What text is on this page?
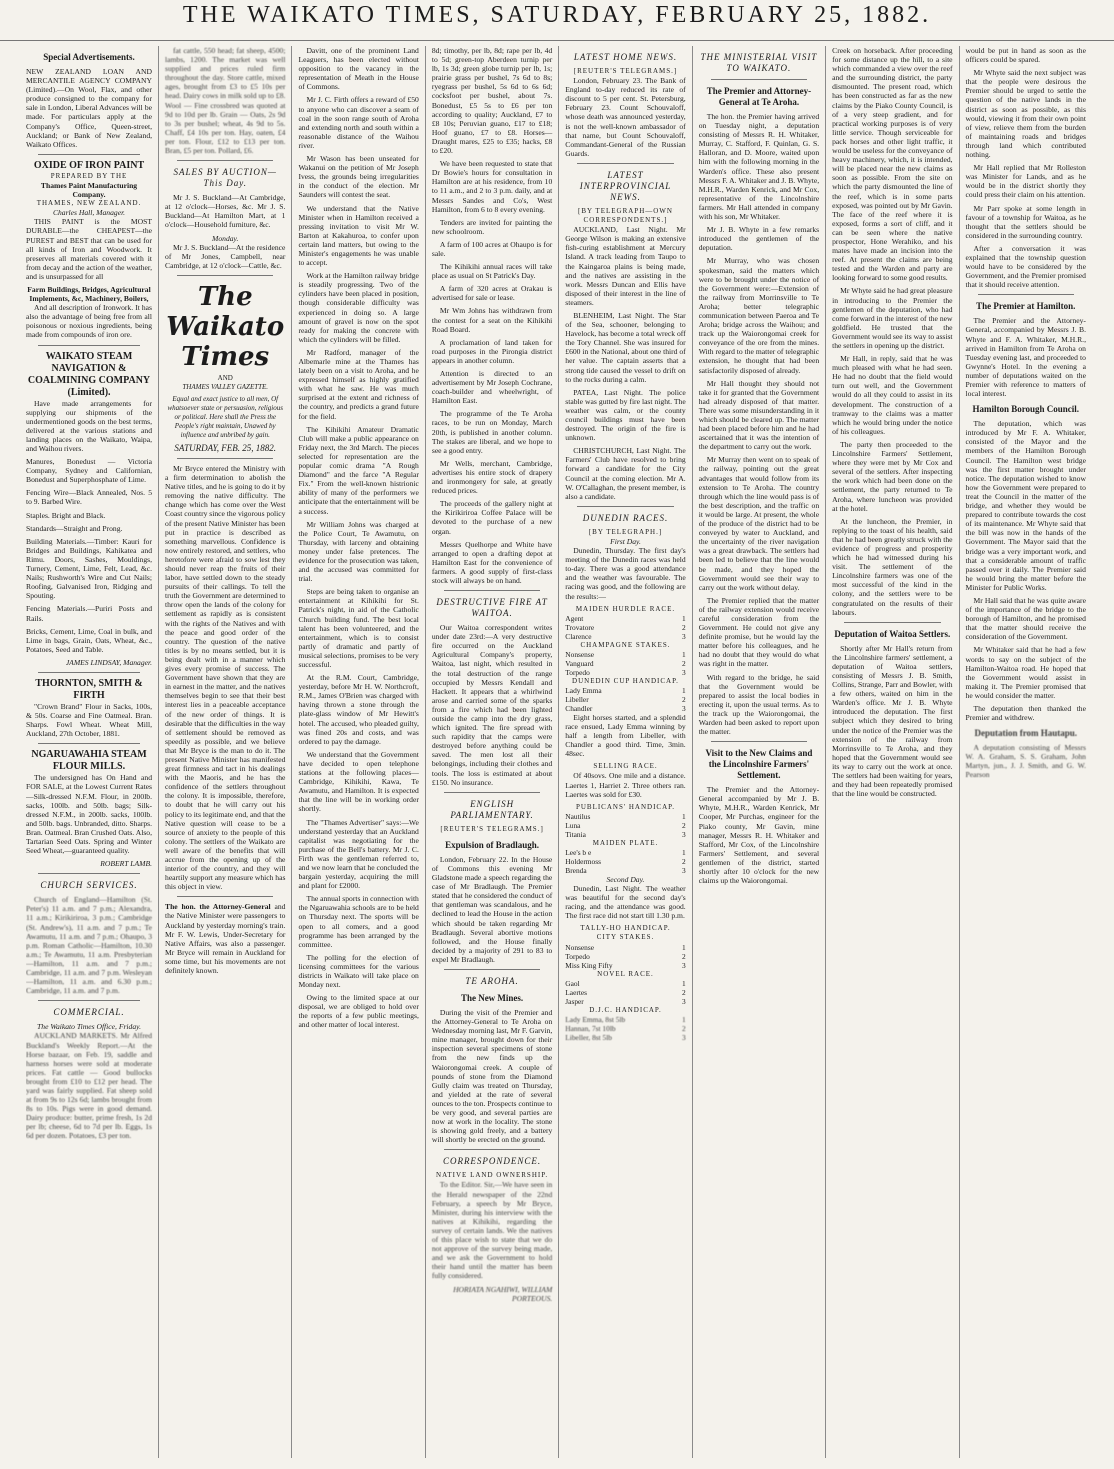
THE WAIKATO TIMES, SATURDAY, FEBRUARY 25, 1882.
Special Advertisements.

NEW ZEALAND LOAN AND MERCANTILE AGENCY COMPANY (Limited).—On Wool, Flax, and other produce consigned to the company for sale in London, Liberal Advances will be made. For particulars apply at the Company's Office, Queen-street, Auckland; or Bank of New Zealand, Waikato Offices.

OXIDE OF IRON PAINT
PREPARED BY THE
Thames Paint Manufacturing Company.
THAMES, NEW ZEALAND.
Charles Hall, Manager.

THIS PAINT is the MOST DURABLE—the CHEAPEST—the PUREST and BEST that can be used for all kinds of Iron and Woodwork. It preserves all materials covered with it from decay and the action of the weather, and is unsurpassed for all

Farm Buildings, Bridges, Agricultural Implements, &c, Machinery, Boilers,

And all description of Ironwork. It has also the advantage of being free from all poisonous or noxious ingredients, being made from compounds of iron ore.

WAIKATO STEAM NAVIGATION & COALMINING COMPANY (Limited).

Have made arrangements for supplying our shipments of the undermentioned goods on the best terms, delivered at the various stations and landing places on the Waikato, Waipa, and Waihou rivers.

Manures, Bonedust — Victoria Company, Sydney and Californian, Bonedust and Superphosphate of Lime.

Fencing Wire—Black Annealed, Nos. 5 to 9. Barbed Wire.

Staples. Bright and Black.

Standards—Straight and Prong.

Building Materials.—Timber: Kauri for Bridges and Buildings, Kahikatea and Rimu. Doors, Sashes, Mouldings, Turnery, Cement, Lime, Felt, Lead, &c. Nails; Rushworth's Wire and Cut Nails; Roofing, Galvanised Iron, Ridging and Spouting.

Fencing Materials.—Puriri Posts and Rails.

Bricks, Cement, Lime, Coal in bulk, and Lime in bags, Grain, Oats, Wheat, &c., Potatoes, Seed and Table.

JAMES LINDSAY, Manager.
THORNTON, SMITH & FIRTH

"Crown Brand" Flour in Sacks, 100s, & 50s. Coarse and Fine Oatmeal. Bran. Sharps. Fowl Wheat. Wheat Mill, Auckland, 27th October, 1881.

NGARUAWAHIA STEAM FLOUR MILLS.

The undersigned has On Hand and FOR SALE, at the Lowest Current Rates—Silk-dressed N.F.M. Flour, in 200lb. sacks, 100lb. and 50lb. bags; Silk-dressed N.F.M., in 200lb. sacks, 100lb. and 50lb. bags. Unbranded, ditto. Sharps. Bran. Oatmeal. Bran Crushed Oats. Also, Tartarian Seed Oats. Spring and Winter Seed Wheat,—guaranteed quality.

ROBERT LAMB.
CHURCH SERVICES.

Church of England—Hamilton (St. Peter's) 11 a.m. and 7 p.m.; Alexandra, 11 a.m.; Kirikiriroa, 3 p.m.; Cambridge (St. Andrew's), 11 a.m. and 7 p.m.; Te Awamutu, 11 a.m. and 7 p.m.; Ohaupo, 3 p.m. Roman Catholic—Hamilton, 10.30 a.m.; Te Awamutu, 11 a.m. Presbyterian—Hamilton, 11 a.m. and 7 p.m.; Cambridge, 11 a.m. and 7 p.m. Wesleyan—Hamilton, 11 a.m. and 6.30 p.m.; Cambridge, 11 a.m. and 7 p.m.

COMMERCIAL.
The Waikato Times Office, Friday.

AUCKLAND MARKETS. Mr Alfred Buckland's Weekly Report.—At the Horse bazaar, on Feb. 19, saddle and harness horses were sold at moderate prices. Fat cattle — Good bullocks brought from £10 to £12 per head. The yard was fairly supplied. Fat sheep sold at from 9s to 12s 6d; lambs brought from 8s to 10s. Pigs were in good demand. Dairy produce: butter, prime fresh, 1s 2d per lb; cheese, 6d to 7d per lb. Eggs, 1s 6d per dozen. Potatoes, £3 per ton.

fat cattle, 550 head; fat sheep, 4500; lambs, 1200. The market was well supplied and prices ruled firm throughout the day. Store cattle, mixed ages, brought from £3 to £5 10s per head. Dairy cows in milk sold up to £8. Wool — Fine crossbred was quoted at 9d to 10d per lb. Grain — Oats, 2s 9d to 3s per bushel; wheat, 4s 9d to 5s. Chaff, £4 10s per ton. Hay, oaten, £4 per ton. Flour, £12 to £13 per ton. Bran, £5 per ton. Pollard, £6.

SALES BY AUCTION—This Day.

Mr J. S. Buckland—At Cambridge, at 12 o'clock—Horses, &c. Mr J. S. Buckland—At Hamilton Mart, at 1 o'clock—Household furniture, &c.

Monday.

Mr J. S. Buckland—At the residence of Mr Jones, Campbell, near Cambridge, at 12 o'clock—Cattle, &c.

The Waikato Times
AND
THAMES VALLEY GAZETTE.
Equal and exact justice to all men, Of whatsoever state or persuasion, religious or political. Here shall the Press the People's right maintain, Unawed by influence and unbribed by gain.
SATURDAY, FEB. 25, 1882.

Mr Bryce entered the Ministry with a firm determination to abolish the Native titles, and he is going to do it by removing the native difficulty. The change which has come over the West Coast country since the vigorous policy of the present Native Minister has been put in practice is described as something marvellous. Confidence is now entirely restored, and settlers, who heretofore were afraid to sow lest they should never reap the fruits of their labor, have settled down to the steady pursuits of their callings. To tell the truth the Government are determined to throw open the lands of the colony for settlement as rapidly as is consistent with the rights of the Natives and with the peace and good order of the country. The question of the native titles is by no means settled, but it is being dealt with in a manner which gives every promise of success. The Government have shown that they are in earnest in the matter, and the natives themselves begin to see that their best interest lies in a peaceable acceptance of the new order of things. It is desirable that the difficulties in the way of settlement should be removed as speedily as possible, and we believe that Mr Bryce is the man to do it. The present Native Minister has manifested great firmness and tact in his dealings with the Maoris, and he has the confidence of the settlers throughout the colony. It is impossible, therefore, to doubt that he will carry out his policy to its legitimate end, and that the Native question will cease to be a source of anxiety to the people of this colony. The settlers of the Waikato are well aware of the benefits that will accrue from the opening up of the interior of the country, and they will heartily support any measure which has this object in view.

The hon. the Attorney-General and the Native Minister were passengers to Auckland by yesterday morning's train. Mr F. W. Lewis, Under-Secretary for Native Affairs, was also a passenger. Mr Bryce will remain in Auckland for some time, but his movements are not definitely known.

Davitt, one of the prominent Land Leaguers, has been elected without opposition to the vacancy in the representation of Meath in the House of Commons.

Mr J. C. Firth offers a reward of £50 to anyone who can discover a seam of coal in the soon range south of Aroha and extending north and south within a reasonable distance of the Waihou river.

Mr Wason has been unseated for Wakanui on the petition of Mr Joseph Ivess, the grounds being irregularities in the conduct of the election. Mr Saunders will contest the seat.

We understand that the Native Minister when in Hamilton received a pressing invitation to visit Mr W. Barton at Kakahuroa, to confer upon certain land matters, but owing to the Minister's engagements he was unable to accept.

Work at the Hamilton railway bridge is steadily progressing. Two of the cylinders have been placed in position, though considerable difficulty was experienced in doing so. A large amount of gravel is now on the spot ready for making the concrete with which the cylinders will be filled.

Mr Radford, manager of the Albemarle mine at the Thames has lately been on a visit to Aroha, and he expressed himself as highly gratified with what he saw. He was much surprised at the extent and richness of the country, and predicts a grand future for the field.

The Kihikihi Amateur Dramatic Club will make a public appearance on Friday next, the 3rd March. The pieces selected for representation are the popular comic drama "A Rough Diamond" and the farce "A Regular Fix." From the well-known histrionic ability of many of the performers we anticipate that the entertainment will be a success.

Mr William Johns was charged at the Police Court, Te Awamutu, on Thursday, with larceny and obtaining money under false pretences. The evidence for the prosecution was taken, and the accused was committed for trial.

Steps are being taken to organise an entertainment at Kihikihi for St. Patrick's night, in aid of the Catholic Church building fund. The best local talent has been volunteered, and the entertainment, which is to consist partly of dramatic and partly of musical selections, promises to be very successful.

At the R.M. Court, Cambridge, yesterday, before Mr H. W. Northcroft, R.M., James O'Brien was charged with having thrown a stone through the plate-glass window of Mr Hewitt's hotel. The accused, who pleaded guilty, was fined 20s and costs, and was ordered to pay the damage.

We understand that the Government have decided to open telephone stations at the following places—Cambridge, Kihikihi, Kawa, Te Awamutu, and Hamilton. It is expected that the line will be in working order shortly.

The "Thames Advertiser" says:—We understand yesterday that an Auckland capitalist was negotiating for the purchase of the Bell's battery. Mr J. C. Firth was the gentleman referred to, and we now learn that he concluded the bargain yesterday, acquiring the mill and plant for £2000.

The annual sports in connection with the Ngaruawahia schools are to be held on Thursday next. The sports will be open to all comers, and a good programme has been arranged by the committee.

The polling for the election of licensing committees for the various districts in Waikato will take place on Monday next.

Owing to the limited space at our disposal, we are obliged to hold over the reports of a few public meetings, and other matter of local interest.

8d; timothy, per lb, 8d; rape per lb, 4d to 5d; green-top Aberdeen turnip per lb, 1s 3d; green globe turnip per lb, 1s; prairie grass per bushel, 7s 6d to 8s; ryegrass per bushel, 5s 6d to 6s 6d; cocksfoot per bushel, about 7s. Bonedust, £5 5s to £6 per ton according to quality; Auckland, £7 to £8 10s; Peruvian guano, £17 to £18; Hoof guano, £7 to £8. Horses—Draught mares, £25 to £35; hacks, £8 to £20.

We have been requested to state that Dr Bowie's hours for consultation in Hamilton are at his residence, from 10 to 11 a.m., and 2 to 3 p.m. daily, and at Messrs Sandes and Co's, West Hamilton, from 6 to 8 every evening.

Tenders are invited for painting the new schoolroom.

A farm of 100 acres at Ohaupo is for sale.

The Kihikihi annual races will take place as usual on St Patrick's Day.

A farm of 320 acres at Orakau is advertised for sale or lease.

Mr Wm Johns has withdrawn from the contest for a seat on the Kihikihi Road Board.

A proclamation of land taken for road purposes in the Pirongia district appears in another column.

Attention is directed to an advertisement by Mr Joseph Cochrane, coach-builder and wheelwright, of Hamilton East.

The programme of the Te Aroha races, to be run on Monday, March 20th, is published in another column. The stakes are liberal, and we hope to see a good entry.

Mr Wells, merchant, Cambridge, advertises his entire stock of drapery and ironmongery for sale, at greatly reduced prices.

The proceeds of the gallery night at the Kirikiriroa Coffee Palace will be devoted to the purchase of a new organ.

Messrs Quelhorpe and White have arranged to open a drafting depot at Hamilton East for the convenience of farmers. A good supply of first-class stock will always be on hand.

DESTRUCTIVE FIRE AT WAITOA.

Our Waitoa correspondent writes under date 23rd:—A very destructive fire occurred on the Auckland Agricultural Company's property, Waitoa, last night, which resulted in the total destruction of the range occupied by Messrs Kendall and Hackett. It appears that a whirlwind arose and carried some of the sparks from a fire which had been lighted outside the camp into the dry grass, which ignited. The fire spread with such rapidity that the camps were destroyed before anything could be saved. The men lost all their belongings, including their clothes and tools. The loss is estimated at about £150. No insurance.

ENGLISH PARLIAMENTARY.
[REUTER'S TELEGRAMS.]
Expulsion of Bradlaugh.

London, February 22. In the House of Commons this evening Mr Gladstone made a speech regarding the case of Mr Bradlaugh. The Premier stated that he considered the conduct of that gentleman was scandalous, and he declined to lead the House in the action which should be taken regarding Mr Bradlaugh. Several abortive motions followed, and the House finally decided by a majority of 291 to 83 to expel Mr Bradlaugh.

TE AROHA.
The New Mines.

During the visit of the Premier and the Attorney-General to Te Aroha on Wednesday morning last, Mr F. Garvin, mine manager, brought down for their inspection several specimens of stone from the new finds up the Waiorongomai creek. A couple of pounds of stone from the Diamond Gully claim was treated on Thursday, and yielded at the rate of several ounces to the ton. Prospects continue to be very good, and several parties are now at work in the locality. The stone is showing gold freely, and a battery will shortly be erected on the ground.

CORRESPONDENCE.
NATIVE LAND OWNERSHIP.

To the Editor. Sir,—We have seen in the Herald newspaper of the 22nd February, a speech by Mr Bryce, Minister, during his interview with the natives at Kihikihi, regarding the survey of certain lands. We the natives of this place wish to state that we do not approve of the survey being made, and we ask the Government to hold their hand until the matter has been fully considered.

HORIATA NGAHIWI, WILLIAM PORTEOUS.
LATEST HOME NEWS.
[REUTER'S TELEGRAMS.]

London, February 23. The Bank of England to-day reduced its rate of discount to 5 per cent. St. Petersburg, February 23. Count Schouvaloff, whose death was announced yesterday, is not the well-known ambassador of that name, but Count Schouvaloff, Commandant-General of the Russian Guards.

LATEST INTERPROVINCIAL NEWS.
[BY TELEGRAPH—OWN CORRESPONDENTS.]

AUCKLAND, Last Night. Mr George Wilson is making an extensive fish-curing establishment at Mercury Island. A track leading from Taupo to the Kaingaroa plains is being made, and the natives are assisting in the work. Messrs Duncan and Ellis have disposed of their interest in the line of steamers.

BLENHEIM, Last Night. The Star of the Sea, schooner, belonging to Havelock, has become a total wreck off the Tory Channel. She was insured for £600 in the National, about one third of her value. The captain asserts that a strong tide caused the vessel to drift on to the rocks during a calm.

PATEA, Last Night. The police stable was gutted by fire last night. The weather was calm, or the county council buildings must have been destroyed. The origin of the fire is unknown.

CHRISTCHURCH, Last Night. The Farmers' Club have resolved to bring forward a candidate for the City Council at the coming election. Mr A. W. O'Callaghan, the present member, is also a candidate.

DUNEDIN RACES.
[BY TELEGRAPH.]
First Day.

Dunedin, Thursday. The first day's meeting of the Dunedin races was held to-day. There was a good attendance and the weather was favourable. The racing was good, and the following are the results:—

MAIDEN HURDLE RACE.
Agent	1
Trovatore	2
Clarence	3
CHAMPAGNE STAKES.
Nonsense	1
Vanguard	2
Torpedo	3
DUNEDIN CUP HANDICAP.
Lady Emma	1
Libeller	2
Chandler	3

Eight horses started, and a splendid race ensued, Lady Emma winning by half a length from Libeller, with Chandler a good third. Time, 3min. 48sec.

SELLING RACE.

Of 40sovs. One mile and a distance. Laertes 1, Harriet 2. Three others ran. Laertes was sold for £30.

PUBLICANS' HANDICAP.
Nautilus	1
Luna	2
Titania	3
MAIDEN PLATE.
Lee's b e	1
Holdermoss	2
Brenda	3
Second Day.

Dunedin, Last Night. The weather was beautiful for the second day's racing, and the attendance was good. The first race did not start till 1.30 p.m.

TALLY-HO HANDICAP.
CITY STAKES.
Nonsense	1
Torpedo	2
Miss King Fifty	3
NOVEL RACE.
Gaol	1
Laertes	2
Jasper	3
D.J.C. HANDICAP.
Lady Emma, 8st 5lb	1
Hannan, 7st 10lb	2
Libeller, 8st 5lb	3
THE MINISTERIAL VISIT TO WAIKATO.
The Premier and Attorney-General at Te Aroha.

The hon. the Premier having arrived on Tuesday night, a deputation consisting of Messrs R. H. Whitaker, Murray, C. Stafford, F. Quinlan, G. S. Halloran, and D. Moore, waited upon him with the following morning in the Warden's office. These also present Messrs F. A. Whitaker and J. B. Whyte, M.H.R., Warden Kenrick, and Mr Cox, representative of the Lincolnshire farmers. Mr Hall attended in company with his son, Mr Whitaker.

Mr J. B. Whyte in a few remarks introduced the gentlemen of the deputation.

Mr Murray, who was chosen spokesman, said the matters which were to be brought under the notice of the Government were:—Extension of the railway from Morrinsville to Te Aroha; better telegraphic communication between Paeroa and Te Aroha; bridge across the Waihou; and track up the Waiorongomai creek for conveyance of the ore from the mines. With regard to the matter of telegraphic extension, he thought that had been satisfactorily disposed of already.

Mr Hall thought they should not take it for granted that the Government had already disposed of that matter. There was some misunderstanding in it which should be cleared up. The matter had been placed before him and he had ascertained that it was the intention of the department to carry out the work.

Mr Murray then went on to speak of the railway, pointing out the great advantages that would follow from its extension to Te Aroha. The country through which the line would pass is of the best description, and the traffic on it would be large. At present, the whole of the produce of the district had to be conveyed by water to Auckland, and the uncertainty of the river navigation was a great drawback. The settlers had been led to believe that the line would be made, and they hoped the Government would see their way to carry out the work without delay.

The Premier replied that the matter of the railway extension would receive careful consideration from the Government. He could not give any definite promise, but he would lay the matter before his colleagues, and he had no doubt that they would do what was right in the matter.

With regard to the bridge, he said that the Government would be prepared to assist the local bodies in erecting it, upon the usual terms. As to the track up the Waiorongomai, the Warden had been asked to report upon the matter.

Visit to the New Claims and the Lincolnshire Farmers' Settlement.

The Premier and the Attorney-General accompanied by Mr J. B. Whyte, M.H.R., Warden Kenrick, Mr Cooper, Mr Purchas, engineer for the Piako county, Mr Gavin, mine manager, Messrs R. H. Whitaker and Stafford, Mr Cox, of the Lincolnshire Farmers' Settlement, and several gentlemen of the district, started shortly after 10 o'clock for the new claims up the Waiorongomai.

Creek on horseback. After proceeding for some distance up the hill, to a site which commanded a view over the reef and the surrounding district, the party dismounted. The present road, which has been constructed as far as the new claims by the Piako County Council, is of a very steep gradient, and for practical working purposes is of very little service. Though serviceable for pack horses and other light traffic, it would be useless for the conveyance of heavy machinery, which, it is intended, will be placed near the new claims as soon as possible. From the site on which the party dismounted the line of the reef, which is in some parts exposed, was pointed out by Mr Gavin. The face of the reef where it is exposed, forms a sort of cliff, and it can be seen where the native prospector, Hone Werahiko, and his mates have made an incision into the reef. At present the claims are being tested and the Warden and party are looking forward to some good results.

Mr Whyte said he had great pleasure in introducing to the Premier the gentlemen of the deputation, who had come forward in the interest of the new goldfield. He trusted that the Government would see its way to assist the settlers in opening up the district.

Mr Hall, in reply, said that he was much pleased with what he had seen. He had no doubt that the field would turn out well, and the Government would do all they could to assist in its development. The construction of a tramway to the claims was a matter which he would bring under the notice of his colleagues.

The party then proceeded to the Lincolnshire Farmers' Settlement, where they were met by Mr Cox and several of the settlers. After inspecting the work which had been done on the settlement, the party returned to Te Aroha, where luncheon was provided at the hotel.

At the luncheon, the Premier, in replying to the toast of his health, said that he had been greatly struck with the evidence of progress and prosperity which he had witnessed during his visit. The settlement of the Lincolnshire farmers was one of the most successful of the kind in the colony, and the settlers were to be congratulated on the results of their labours.

Deputation of Waitoa Settlers.

Shortly after Mr Hall's return from the Lincolnshire farmers' settlement, a deputation of Waitoa settlers, consisting of Messrs J. B. Smith, Collins, Strange, Parr and Bowler, with a few others, waited on him in the Warden's office. Mr J. B. Whyte introduced the deputation. The first subject which they desired to bring under the notice of the Premier was the extension of the railway from Morrinsville to Te Aroha, and they hoped that the Government would see its way to carry out the work at once. The settlers had been waiting for years, and they had been repeatedly promised that the line would be constructed.

would be put in hand as soon as the officers could be spared.

Mr Whyte said the next subject was that the people were desirous the Premier should be urged to settle the question of the native lands in the district as soon as possible, as this would, viewing it from their own point of view, relieve them from the burden of maintaining roads and bridges through land which contributed nothing.

Mr Hall replied that Mr Rolleston was Minister for Lands, and as he would be in the district shortly they could press their claim on his attention.

Mr Parr spoke at some length in favour of a township for Waitoa, as he thought that the settlers should be considered in the surrounding country.

After a conversation it was explained that the township question would have to be considered by the Government, and the Premier promised that it should receive attention.

The Premier at Hamilton.

The Premier and the Attorney-General, accompanied by Messrs J. B. Whyte and F. A. Whitaker, M.H.R., arrived in Hamilton from Te Aroha on Tuesday evening last, and proceeded to Gwynne's Hotel. In the evening a number of deputations waited on the Premier with reference to matters of local interest.

Hamilton Borough Council.

The deputation, which was introduced by Mr F. A. Whitaker, consisted of the Mayor and the members of the Hamilton Borough Council. The Hamilton west bridge was the first matter brought under notice. The deputation wished to know how the Government were prepared to treat the Council in the matter of the bridge, and whether they would be prepared to contribute towards the cost of its maintenance. Mr Whyte said that the bill was now in the hands of the Government. The Mayor said that the bridge was a very important work, and that a considerable amount of traffic passed over it daily. The Premier said he would bring the matter before the Minister for Public Works.

Mr Hall said that he was quite aware of the importance of the bridge to the borough of Hamilton, and he promised that the matter should receive the consideration of the Government.

Mr Whitaker said that he had a few words to say on the subject of the Hamilton-Waitoa road. He hoped that the Government would assist in making it. The Premier promised that he would consider the matter.

The deputation then thanked the Premier and withdrew.

Deputation from Hautapu.

A deputation consisting of Messrs W. A. Graham, S. S. Graham, John Martyn, jun., J. J. Smith, and G. W. Pearson
